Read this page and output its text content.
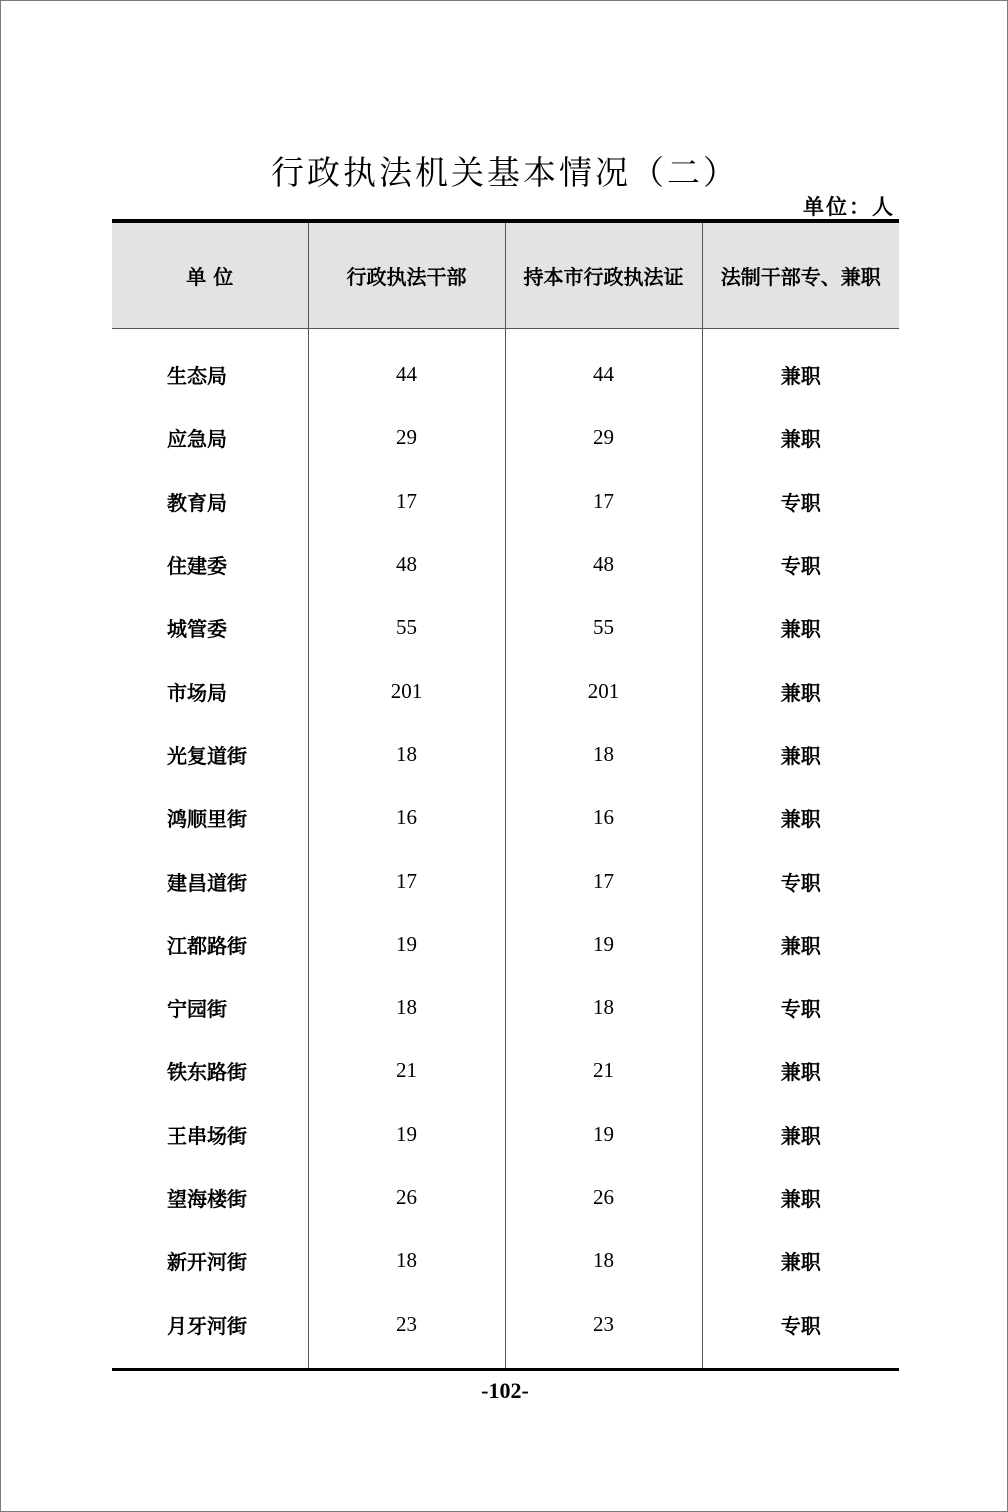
行政执法机关基本情况（二）
单位：人
单 位	行政执法干部	持本市行政执法证	法制干部专、兼职
生态局	44	44	兼职
应急局	29	29	兼职
教育局	17	17	专职
住建委	48	48	专职
城管委	55	55	兼职
市场局	201	201	兼职
光复道街	18	18	兼职
鸿顺里街	16	16	兼职
建昌道街	17	17	专职
江都路街	19	19	兼职
宁园街	18	18	专职
铁东路街	21	21	兼职
王串场街	19	19	兼职
望海楼街	26	26	兼职
新开河街	18	18	兼职
月牙河街	23	23	专职
-102-
